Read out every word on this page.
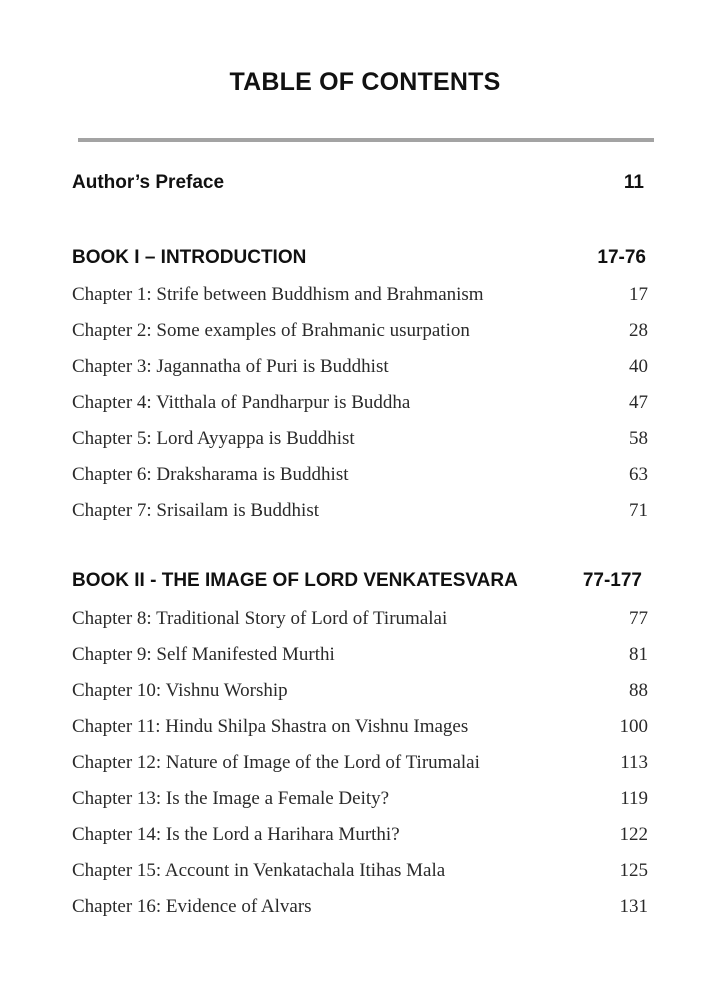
TABLE OF CONTENTS
Author’s Preface	11
BOOK I – INTRODUCTION	17-76
Chapter 1: Strife between Buddhism and Brahmanism	17
Chapter 2: Some examples of Brahmanic usurpation	28
Chapter 3: Jagannatha of Puri is Buddhist	40
Chapter 4: Vitthala of Pandharpur is Buddha	47
Chapter 5: Lord Ayyappa is Buddhist	58
Chapter 6: Draksharama is Buddhist	63
Chapter 7: Srisailam is Buddhist	71
BOOK II - THE IMAGE OF LORD VENKATESVARA	77-177
Chapter 8: Traditional Story of Lord of Tirumalai	77
Chapter 9: Self Manifested Murthi	81
Chapter 10: Vishnu Worship	88
Chapter 11: Hindu Shilpa Shastra on Vishnu Images	100
Chapter 12: Nature of Image of the Lord of Tirumalai	113
Chapter 13: Is the Image a Female Deity?	119
Chapter 14: Is the Lord a Harihara Murthi?	122
Chapter 15: Account in Venkatachala Itihas Mala	125
Chapter 16: Evidence of Alvars	131
